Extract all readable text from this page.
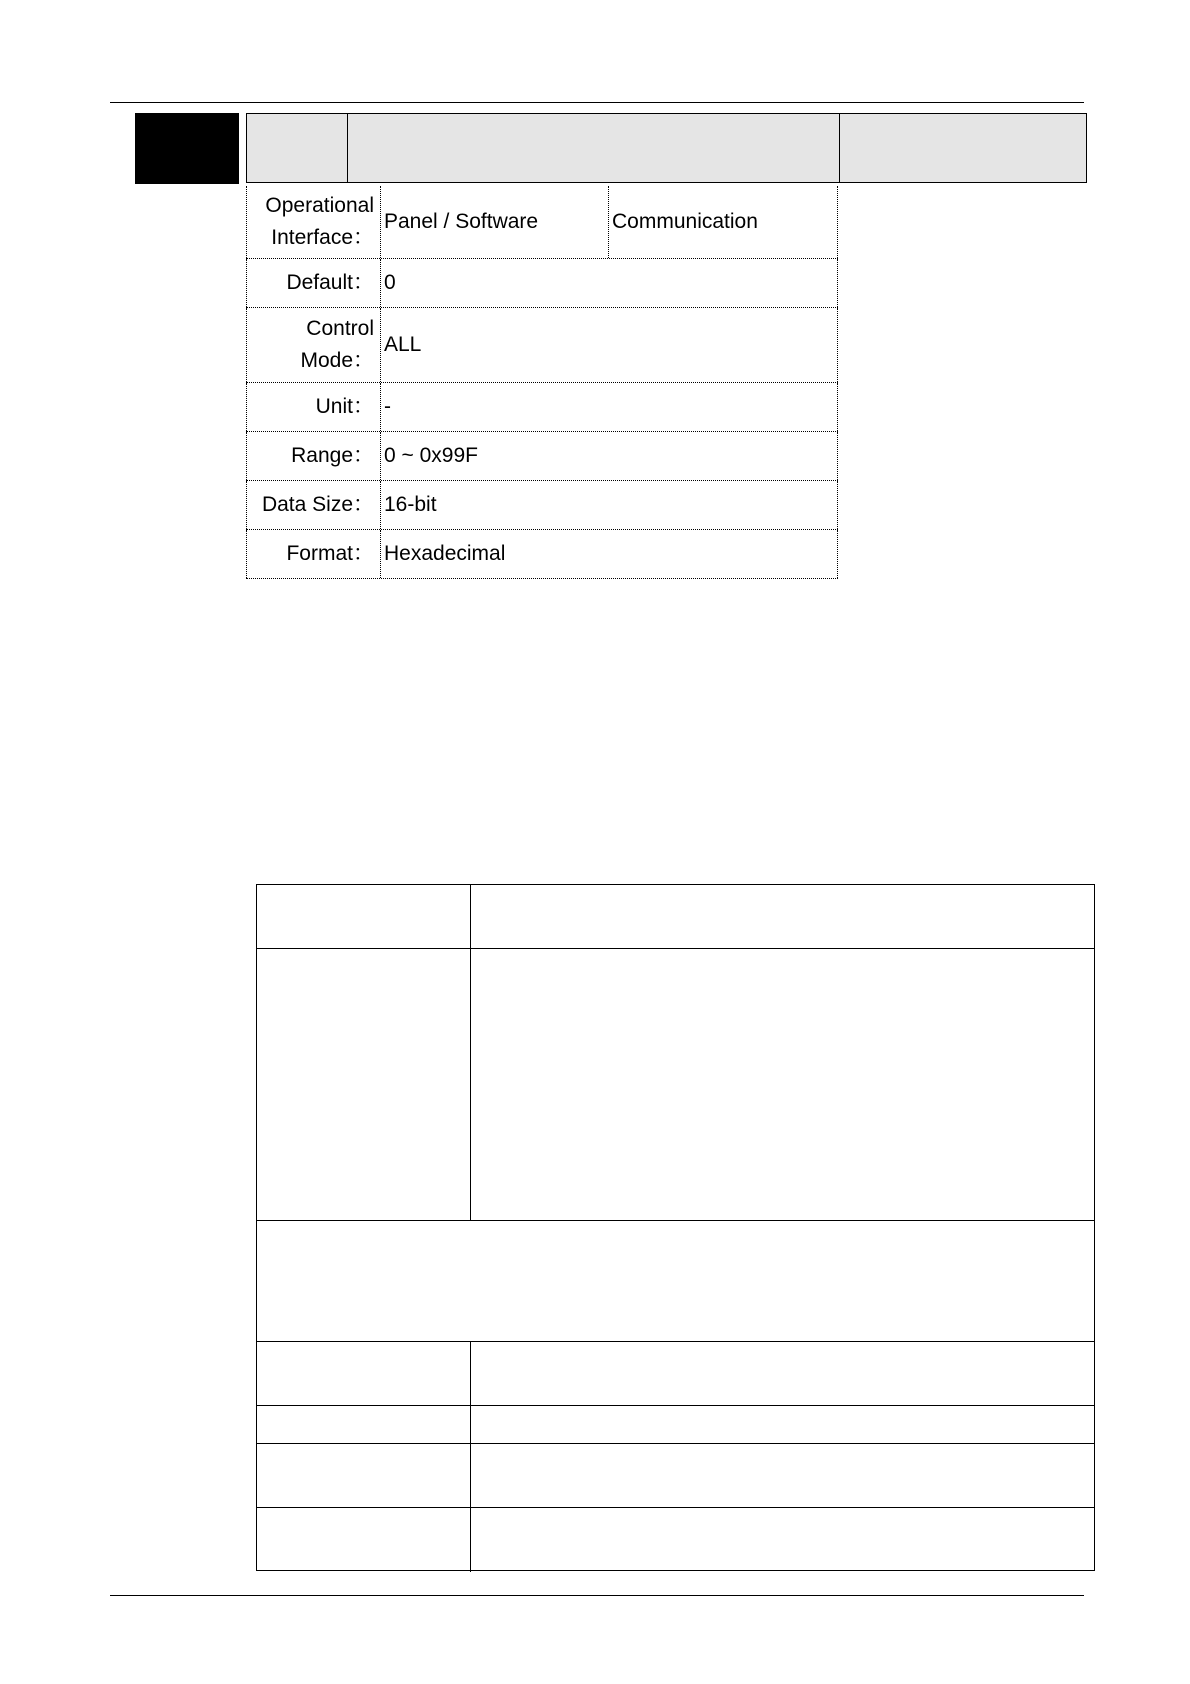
Operational
Interface：
Panel / Software	Communication
Default： 0
Control
Mode：
ALL
Unit： -
Range： 0 ~ 0x99F
Data Size： 16-bit
Format： Hexadecimal
